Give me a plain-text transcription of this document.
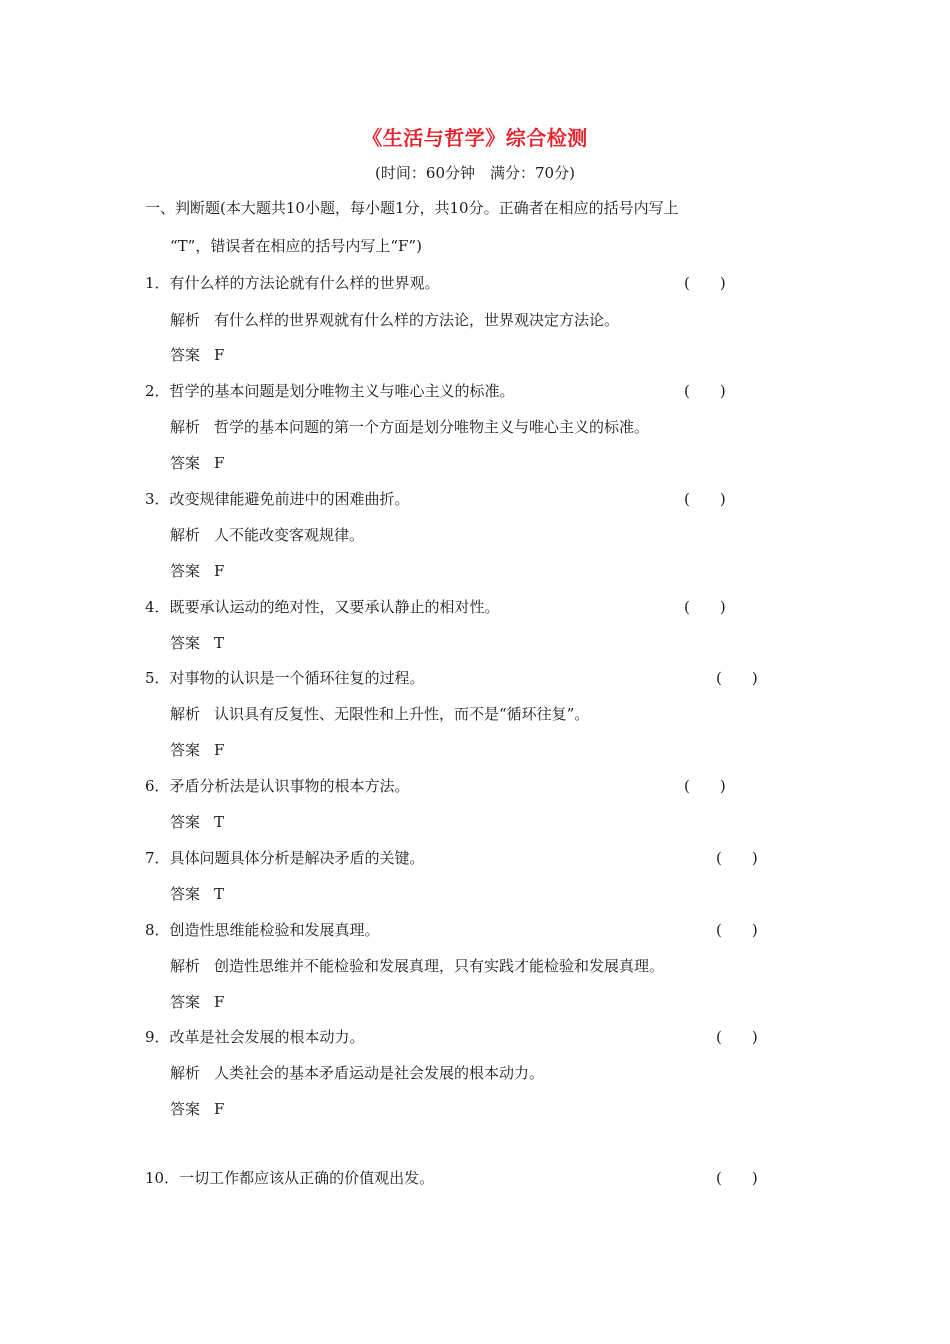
《生活与哲学》综合检测
(时间：60分钟　满分：70分)
一、判断题(本大题共10小题，每小题1分，共10分。正确者在相应的括号内写上
“T”，错误者在相应的括号内写上“F”)
1．有什么样的方法论就有什么样的世界观。	(　　)
解析 有什么样的世界观就有什么样的方法论，世界观决定方法论。
答案 F
2．哲学的基本问题是划分唯物主义与唯心主义的标准。	(　　)
解析 哲学的基本问题的第一个方面是划分唯物主义与唯心主义的标准。
答案 F
3．改变规律能避免前进中的困难曲折。	(　　)
解析 人不能改变客观规律。
答案 F
4．既要承认运动的绝对性，又要承认静止的相对性。	(　　)
答案 T
5．对事物的认识是一个循环往复的过程。	(　　)
解析 认识具有反复性、无限性和上升性，而不是“循环往复”。
答案 F
6．矛盾分析法是认识事物的根本方法。	(　　)
答案 T
7．具体问题具体分析是解决矛盾的关键。	(　　)
答案 T
8．创造性思维能检验和发展真理。	(　　)
解析 创造性思维并不能检验和发展真理，只有实践才能检验和发展真理。
答案 F
9．改革是社会发展的根本动力。	(　　)
解析 人类社会的基本矛盾运动是社会发展的根本动力。
答案 F
10．一切工作都应该从正确的价值观出发。	(　　)
